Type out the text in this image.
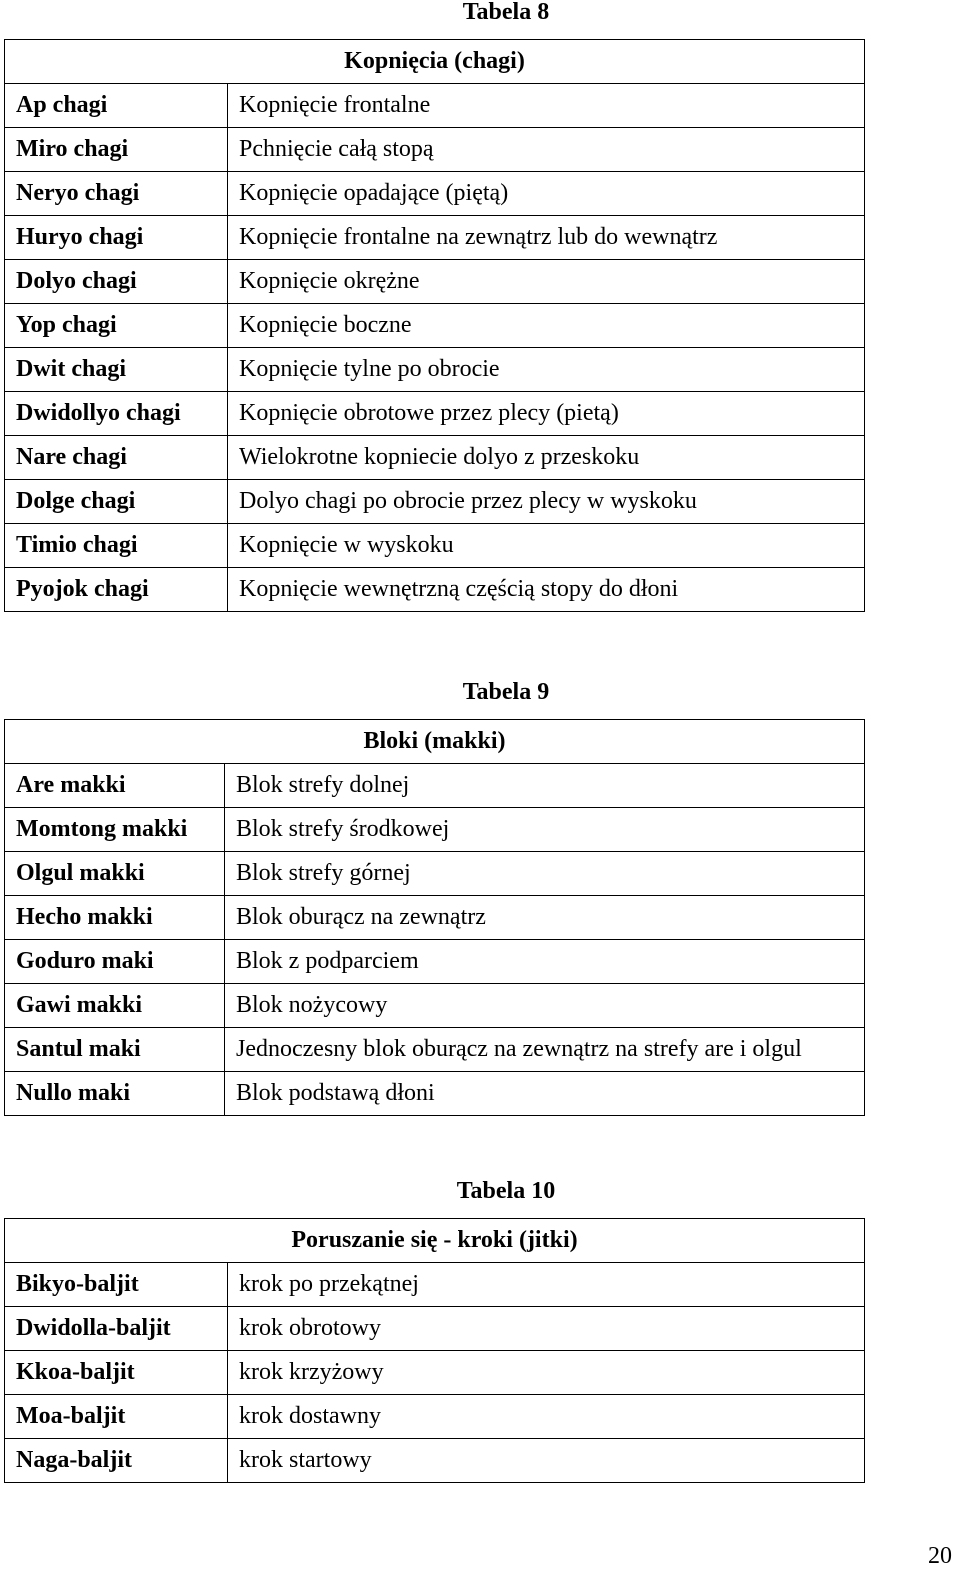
Tabela 8
Kopnięcia (chagi)	
Ap chagi	Kopnięcie frontalne
Miro chagi	Pchnięcie całą stopą
Neryo chagi	Kopnięcie opadające (piętą)
Huryo chagi	Kopnięcie frontalne na zewnątrz lub do wewnątrz
Dolyo chagi	Kopnięcie okrężne
Yop chagi	Kopnięcie boczne
Dwit chagi	Kopnięcie tylne po obrocie
Dwidollyo chagi	Kopnięcie obrotowe przez plecy (pietą)
Nare chagi	Wielokrotne kopniecie dolyo z przeskoku
Dolge chagi	Dolyo chagi po obrocie przez plecy w wyskoku
Timio chagi	Kopnięcie w wyskoku
Pyojok chagi	Kopnięcie wewnętrzną częścią stopy do dłoni
Tabela 9
Bloki (makki)	
Are makki	Blok strefy dolnej
Momtong makki	Blok strefy środkowej
Olgul makki	Blok strefy górnej
Hecho makki	Blok oburącz na zewnątrz
Goduro maki	Blok z podparciem
Gawi makki	Blok nożycowy
Santul maki	Jednoczesny blok oburącz na zewnątrz na strefy are i olgul
Nullo maki	Blok podstawą dłoni
Tabela 10
Poruszanie się - kroki (jitki)	
Bikyo-baljit	krok po przekątnej
Dwidolla-baljit	krok obrotowy
Kkoa-baljit	krok krzyżowy
Moa-baljit	krok dostawny
Naga-baljit	krok startowy
20
